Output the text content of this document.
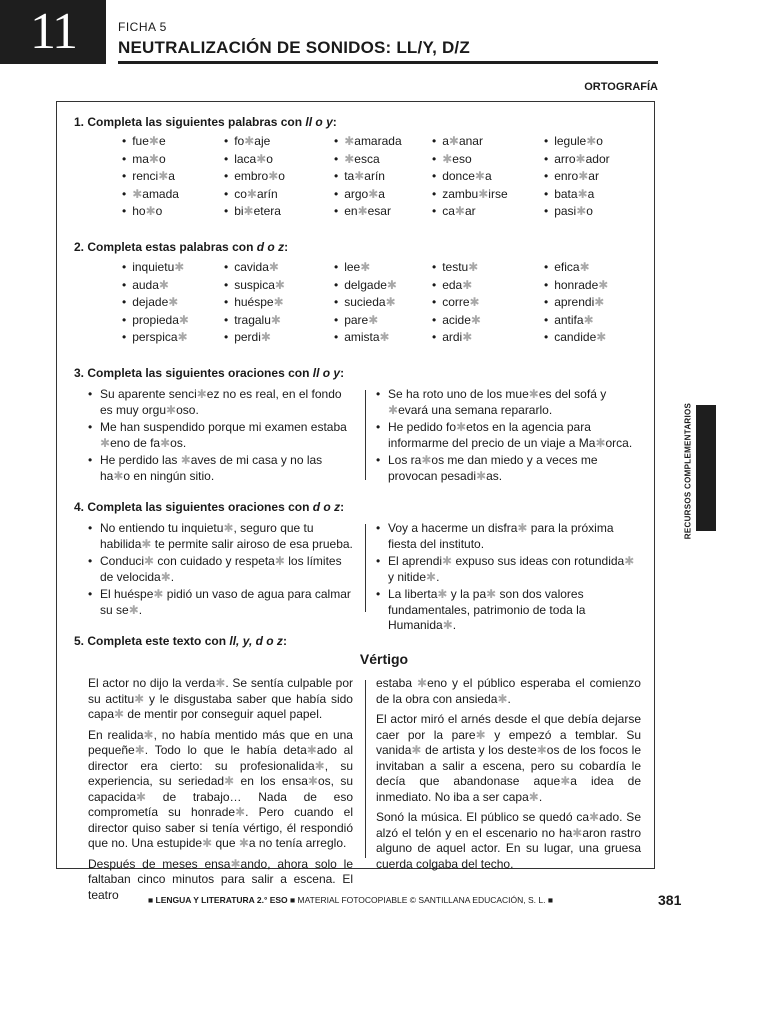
11	FICHA 5
NEUTRALIZACIÓN DE SONIDOS: LL/Y, D/Z
ORTOGRAFÍA
RECURSOS COMPLEMENTARIOS
1. Completa las siguientes palabras con ll o y:
• fue✱e
• ma✱o
• renci✱a
• ✱amada
• ho✱o
• fo✱aje
• laca✱o
• embro✱o
• co✱arín
• bi✱etera
• ✱amarada
• ✱esca
• ta✱arín
• argo✱a
• en✱esar
• a✱anar
• ✱eso
• donce✱a
• zambu✱irse
• ca✱ar
• legule✱o
• arro✱ador
• enro✱ar
• bata✱a
• pasi✱o
2. Completa estas palabras con d o z:
• inquietu✱
• auda✱
• dejade✱
• propieda✱
• perspica✱
• cavida✱
• suspica✱
• huéspe✱
• tragalu✱
• perdi✱
• lee✱
• delgade✱
• sucieda✱
• pare✱
• amista✱
• testu✱
• eda✱
• corre✱
• acide✱
• ardi✱
• efica✱
• honrade✱
• aprendi✱
• antifa✱
• candide✱
3. Completa las siguientes oraciones con ll o y:
• Su aparente senci✱ez no es real, en el fondo es muy orgu✱oso.
• Me han suspendido porque mi examen estaba ✱eno de fa✱os.
• He perdido las ✱aves de mi casa y no las ha✱o en ningún sitio.
• Se ha roto uno de los mue✱es del sofá y ✱evará una semana repararlo.
• He pedido fo✱etos en la agencia para informarme del precio de un viaje a Ma✱orca.
• Los ra✱os me dan miedo y a veces me provocan pesadi✱as.
4. Completa las siguientes oraciones con d o z:
• No entiendo tu inquietu✱, seguro que tu habilida✱ te permite salir airoso de esa prueba.
• Conduci✱ con cuidado y respeta✱ los límites de velocida✱.
• El huéspe✱ pidió un vaso de agua para calmar su se✱.
• Voy a hacerme un disfra✱ para la próxima fiesta del instituto.
• El aprendi✱ expuso sus ideas con rotundida✱ y nitide✱.
• La liberta✱ y la pa✱ son dos valores fundamentales, patrimonio de toda la Humanida✱.
5. Completa este texto con ll, y, d o z:
Vértigo
El actor no dijo la verda✱. Se sentía culpable por su actitu✱ y le disgustaba saber que había sido capa✱ de mentir por conseguir aquel papel.
En realida✱, no había mentido más que en una pequeñe✱. Todo lo que le había deta✱ado al director era cierto: su profesionalida✱, su experiencia, su seriedad✱ en los ensa✱os, su capacida✱ de trabajo… Nada de eso comprometía su honrade✱. Pero cuando el director quiso saber si tenía vértigo, él respondió que no. Una estupide✱ que ✱a no tenía arreglo.
Después de meses ensa✱ando, ahora solo le faltaban cinco minutos para salir a escena. El teatro
estaba ✱eno y el público esperaba el comienzo de la obra con ansieda✱.
El actor miró el arnés desde el que debía dejarse caer por la pare✱ y empezó a temblar. Su vanida✱ de artista y los deste✱os de los focos le invitaban a salir a escena, pero su cobardía le decía que abandonase aque✱a idea de inmediato. No iba a ser capa✱.
Sonó la música. El público se quedó ca✱ado. Se alzó el telón y en el escenario no ha✱aron rastro alguno de aquel actor. En su lugar, una gruesa cuerda colgaba del techo.
■ LENGUA Y LITERATURA 2.° ESO ■ MATERIAL FOTOCOPIABLE © SANTILLANA EDUCACIÓN, S. L. ■	381
